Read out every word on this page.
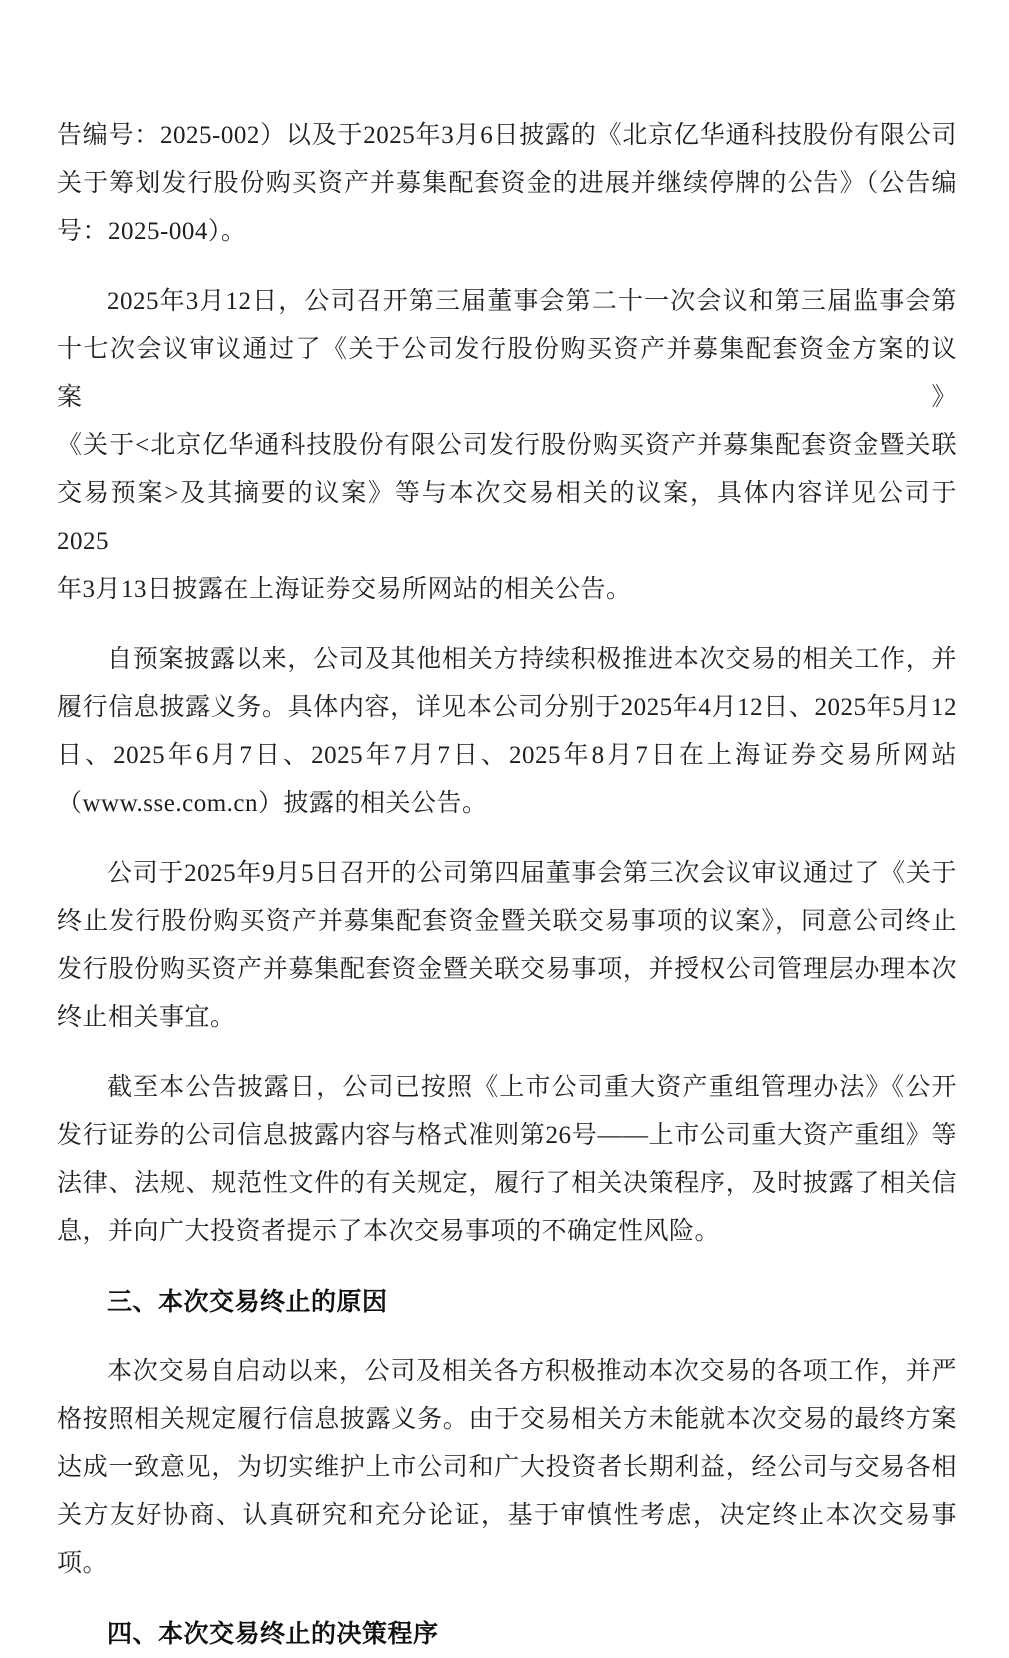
告编号：2025-002）以及于2025年3月6日披露的《北京亿华通科技股份有限公司
关于筹划发行股份购买资产并募集配套资金的进展并继续停牌的公告》（公告编
号：2025-004）。
2025年3月12日，公司召开第三届董事会第二十一次会议和第三届监事会第
十七次会议审议通过了《关于公司发行股份购买资产并募集配套资金方案的议案》
《关于<北京亿华通科技股份有限公司发行股份购买资产并募集配套资金暨关联
交易预案>及其摘要的议案》等与本次交易相关的议案，具体内容详见公司于2025
年3月13日披露在上海证券交易所网站的相关公告。
自预案披露以来，公司及其他相关方持续积极推进本次交易的相关工作，并
履行信息披露义务。具体内容，详见本公司分别于2025年4月12日、2025年5月12
日、2025年6月7日、2025年7月7日、2025年8月7日在上海证券交易所网站
（www.sse.com.cn）披露的相关公告。
公司于2025年9月5日召开的公司第四届董事会第三次会议审议通过了《关于
终止发行股份购买资产并募集配套资金暨关联交易事项的议案》，同意公司终止
发行股份购买资产并募集配套资金暨关联交易事项，并授权公司管理层办理本次
终止相关事宜。
截至本公告披露日，公司已按照《上市公司重大资产重组管理办法》《公开
发行证券的公司信息披露内容与格式准则第26号——上市公司重大资产重组》等
法律、法规、规范性文件的有关规定，履行了相关决策程序，及时披露了相关信
息，并向广大投资者提示了本次交易事项的不确定性风险。
三、本次交易终止的原因
本次交易自启动以来，公司及相关各方积极推动本次交易的各项工作，并严
格按照相关规定履行信息披露义务。由于交易相关方未能就本次交易的最终方案
达成一致意见，为切实维护上市公司和广大投资者长期利益，经公司与交易各相
关方友好协商、认真研究和充分论证，基于审慎性考虑，决定终止本次交易事项。
四、本次交易终止的决策程序
